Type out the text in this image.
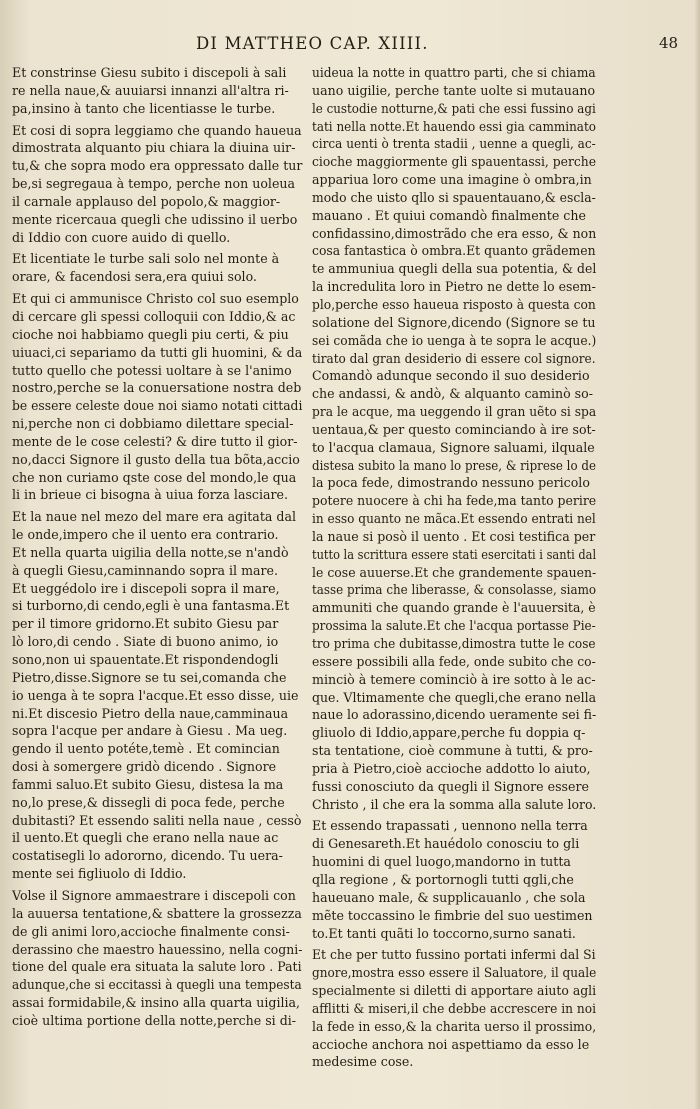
DI MATTHEO CAP. XIIII.	48
Et constrinse Giesu subito i discepoli à sali
re nella naue,& auuiarsi innanzi all'altra ri-
pa,insino à tanto che licentiasse le turbe.
Et cosi di sopra leggiamo che quando haueua
dimostrata alquanto piu chiara la diuina uir-
tu,& che sopra modo era oppressato dalle tur
be,si segregaua à tempo, perche non uoleua
il carnale applauso del popolo,& maggior-
mente ricercaua quegli che udissino il uerbo
di Iddio con cuore auido di quello.
Et licentiate le turbe sali solo nel monte à
orare, & facendosi sera,era quiui solo.
Et qui ci ammunisce Christo col suo esemplo
di cercare gli spessi colloquii con Iddio,& ac
cioche noi habbiamo quegli piu certi, & piu
uiuaci,ci separiamo da tutti gli huomini, & da
tutto quello che potessi uoltare à se l'animo
nostro,perche se la conuersatione nostra deb
be essere celeste doue noi siamo notati cittadi
ni,perche non ci dobbiamo dilettare special-
mente de le cose celesti? & dire tutto il gior-
no,dacci Signore il gusto della tua bõta,accio
che non curiamo qste cose del mondo,le qua
li in brieue ci bisogna à uiua forza lasciare.
Et la naue nel mezo del mare era agitata dal
le onde,impero che il uento era contrario.
Et nella quarta uigilia della notte,se n'andò
à quegli Giesu,caminnando sopra il mare.
Et ueggédolo ire i discepoli sopra il mare,
si turborno,di cendo,egli è una fantasma.Et
per il timore gridorno.Et subito Giesu par
lò loro,di cendo . Siate di buono animo, io
sono,non ui spauentate.Et rispondendogli
Pietro,disse.Signore se tu sei,comanda che
io uenga à te sopra l'acque.Et esso disse, uie
ni.Et discesio Pietro della naue,camminaua
sopra l'acque per andare à Giesu . Ma ueg.
gendo il uento potéte,temè . Et comincian
dosi à somergere gridò dicendo . Signore
fammi saluo.Et subito Giesu, distesa la ma
no,lo prese,& dissegli di poca fede, perche
dubitasti? Et essendo saliti nella naue , cessò
il uento.Et quegli che erano nella naue ac
costatisegli lo adororno, dicendo. Tu uera-
mente sei figliuolo di Iddio.
Volse il Signore ammaestrare i discepoli con
la auuersa tentatione,& sbattere la grossezza
de gli animi loro,accioche finalmente consi-
derassino che maestro hauessino, nella cogni-
tione del quale era situata la salute loro . Pati
adunque,che si eccitassi à quegli una tempesta
assai formidabile,& insino alla quarta uigilia,
cioè ultima portione della notte,perche si di-
uideua la notte in quattro parti, che si chiama
uano uigilie, perche tante uolte si mutauano
le custodie notturne,& pati che essi fussino agi
tati nella notte.Et hauendo essi gia camminato
circa uenti ò trenta stadii , uenne a quegli, ac-
cioche maggiormente gli spauentassi, perche
appariua loro come una imagine ò ombra,in
modo che uisto qllo si spauentauano,& escla-
mauano . Et quiui comandò finalmente che
confidassino,dimostrãdo che era esso, & non
cosa fantastica ò ombra.Et quanto grãdemen
te ammuniua quegli della sua potentia, & del
la incredulita loro in Pietro ne dette lo esem-
plo,perche esso haueua risposto à questa con
solatione del Signore,dicendo (Signore se tu
sei comãda che io uenga à te sopra le acque.)
tirato dal gran desiderio di essere col signore.
Comandò adunque secondo il suo desiderio
che andassi, & andò, & alquanto caminò so-
pra le acque, ma ueggendo il gran uẽto si spa
uentaua,& per questo cominciando à ire sot-
to l'acqua clamaua, Signore saluami, ilquale
distesa subito la mano lo prese, & riprese lo de
la poca fede, dimostrando nessuno pericolo
potere nuocere à chi ha fede,ma tanto perire
in esso quanto ne mãca.Et essendo entrati nel
la naue si posò il uento . Et cosi testifica per
tutto la scrittura essere stati esercitati i santi dal
le cose auuerse.Et che grandemente spauen-
tasse prima che liberasse, & consolasse, siamo
ammuniti che quando grande è l'auuersita, è
prossima la salute.Et che l'acqua portasse Pie-
tro prima che dubitasse,dimostra tutte le cose
essere possibili alla fede, onde subito che co-
minciò à temere cominciò à ire sotto à le ac-
que. Vltimamente che quegli,che erano nella
naue lo adorassino,dicendo ueramente sei fi-
gliuolo di Iddio,appare,perche fu doppia q-
sta tentatione, cioè commune à tutti, & pro-
pria à Pietro,cioè accioche addotto lo aiuto,
fussi conosciuto da quegli il Signore essere
Christo , il che era la somma alla salute loro.
Et essendo trapassati , uennono nella terra
di Genesareth.Et hauédolo conosciu to gli
huomini di quel luogo,mandorno in tutta
qlla regione , & portornogli tutti qgli,che
haueuano male, & supplicauanlo , che sola
mẽte toccassino le fimbrie del suo uestimen
to.Et tanti quãti lo toccorno,surno sanati.
Et che per tutto fussino portati infermi dal Si
gnore,mostra esso essere il Saluatore, il quale
specialmente si diletti di apportare aiuto agli
afflitti & miseri,il che debbe accrescere in noi
la fede in esso,& la charita uerso il prossimo,
accioche anchora noi aspettiamo da esso le
medesime cose.
